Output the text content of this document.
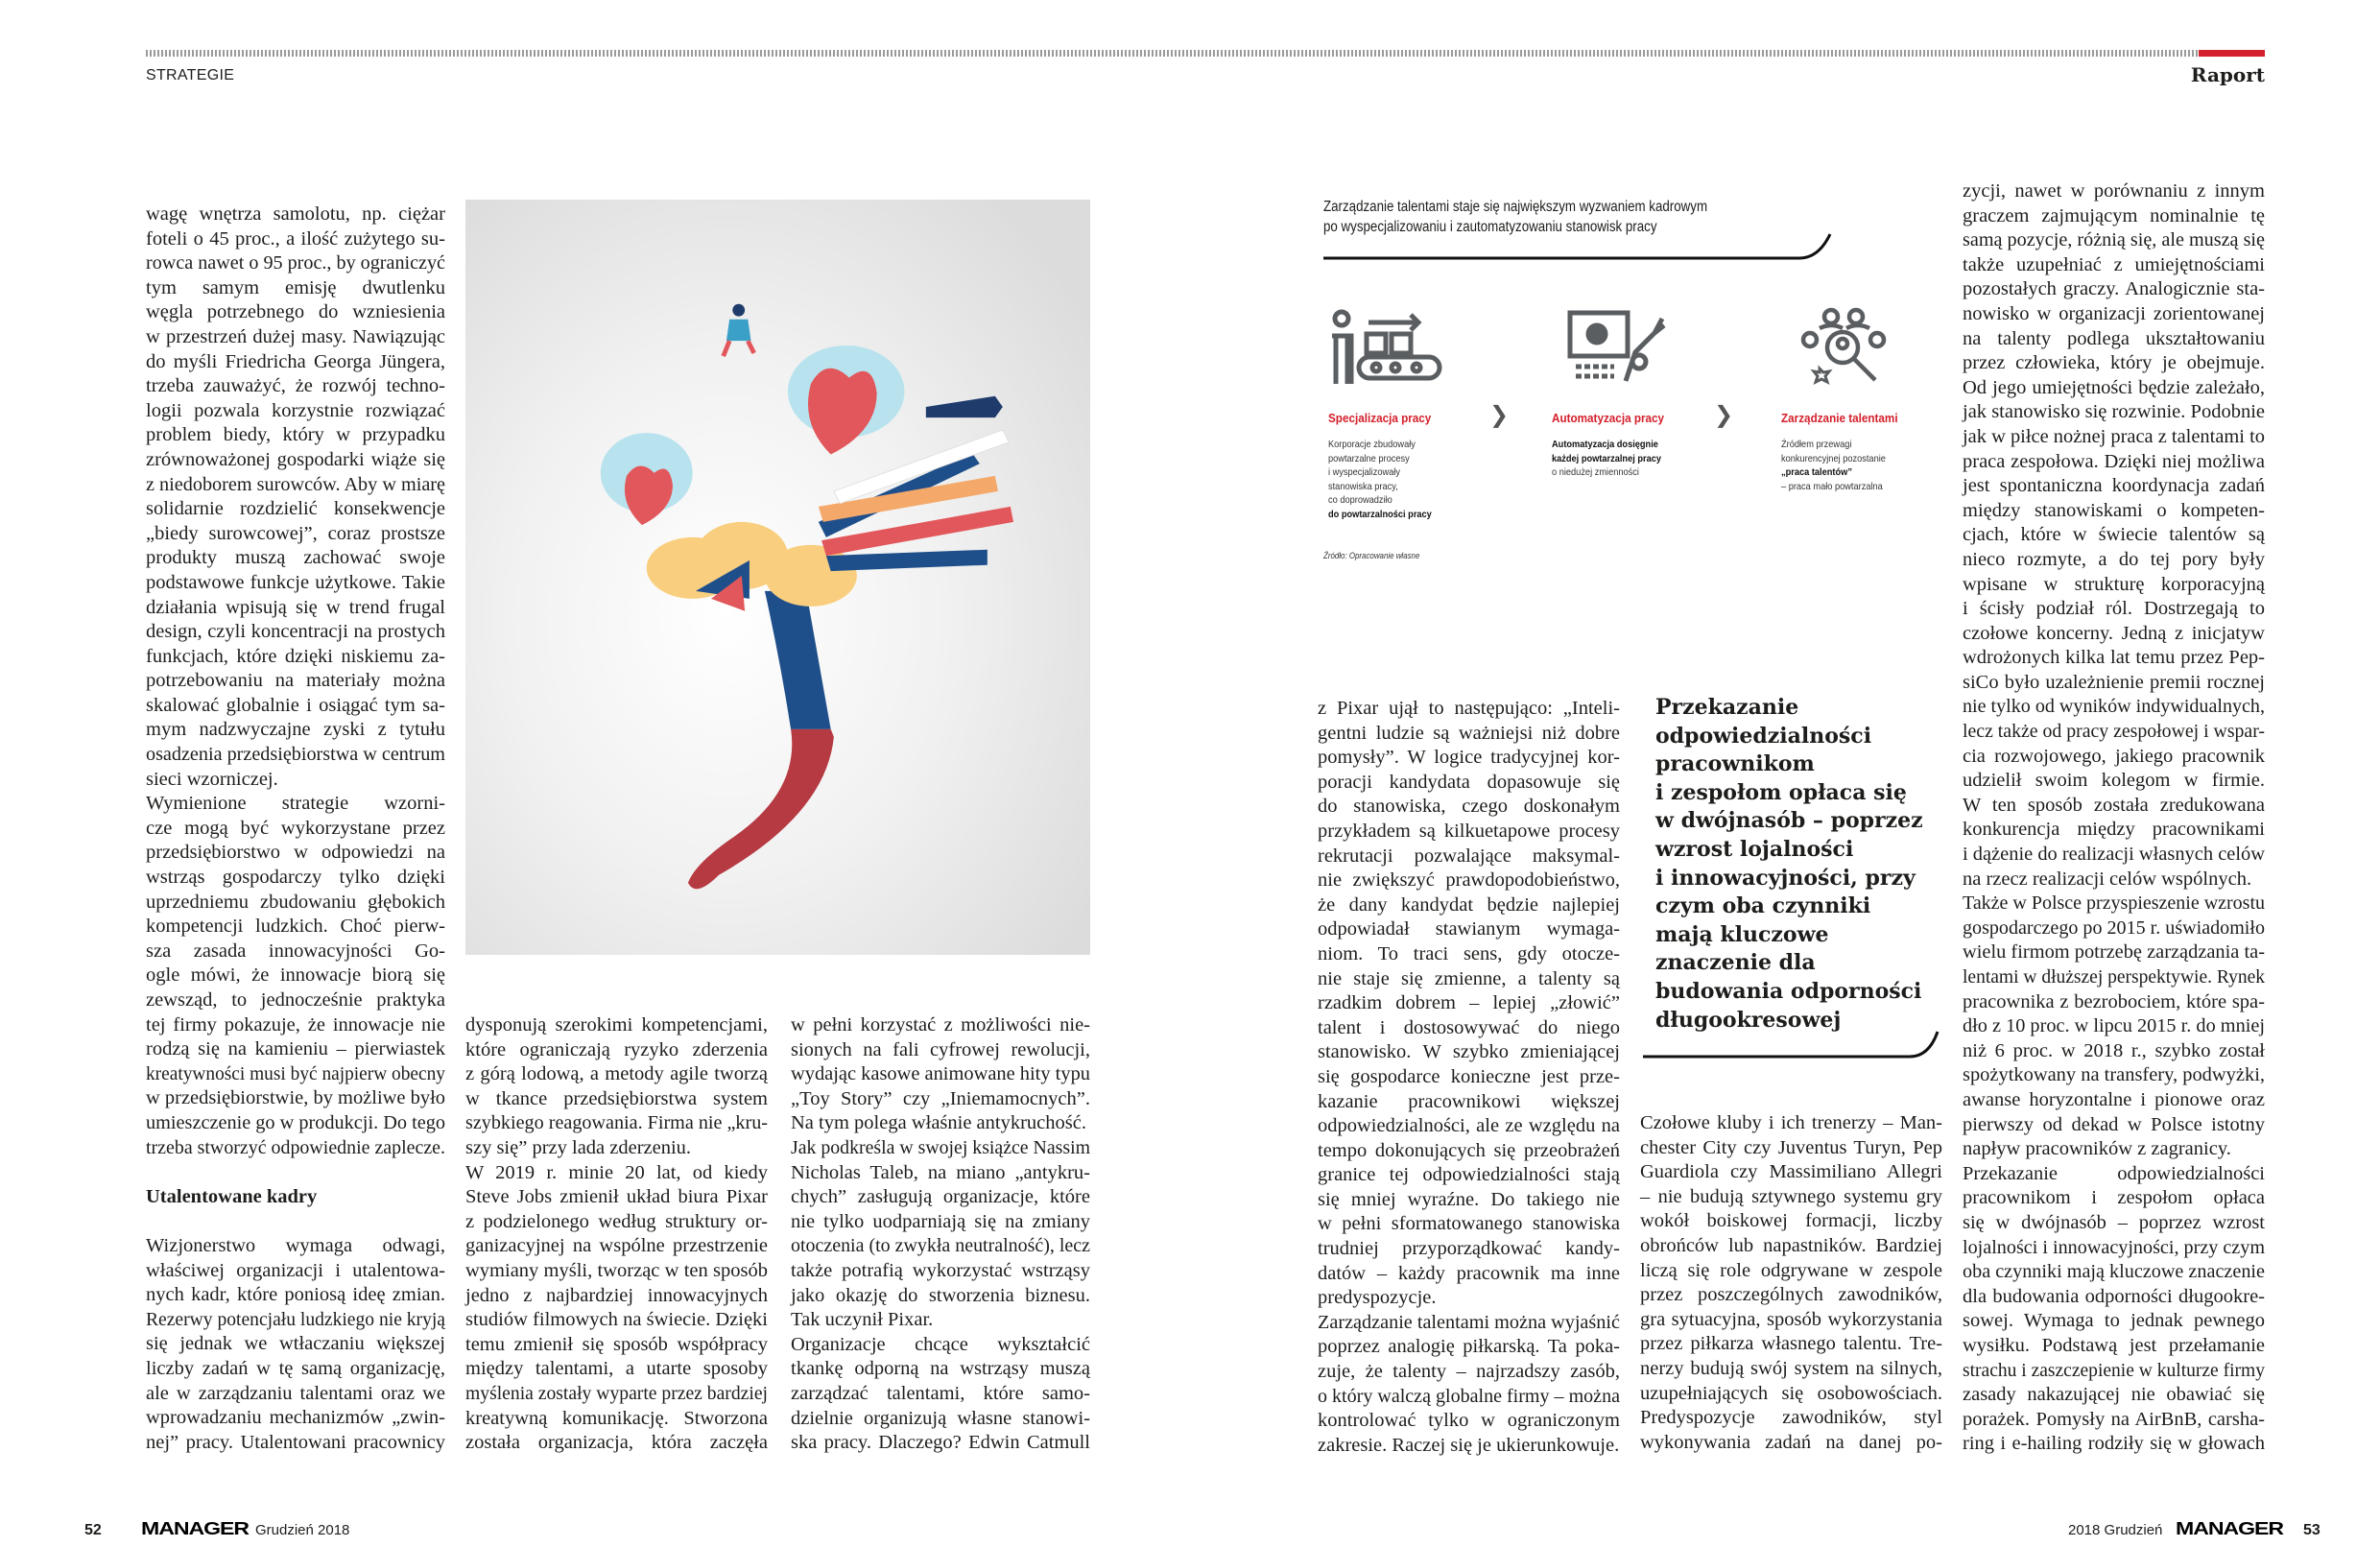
STRATEGIE	Raport
wagę wnętrza samolotu, np. ciężar
foteli o 45 proc., a ilość zużytego su-
rowca nawet o 95 proc., by ograniczyć
tym samym emisję dwutlenku
węgla potrzebnego do wzniesienia
w przestrzeń dużej masy. Nawiązując
do myśli Friedricha Georga Jüngera,
trzeba zauważyć, że rozwój techno-
logii pozwala korzystnie rozwiązać
problem biedy, który w przypadku
zrównoważonej gospodarki wiąże się
z niedoborem surowców. Aby w miarę
solidarnie rozdzielić konsekwencje
„biedy surowcowej”, coraz prostsze
produkty muszą zachować swoje
podstawowe funkcje użytkowe. Takie
działania wpisują się w trend frugal
design, czyli koncentracji na prostych
funkcjach, które dzięki niskiemu za-
potrzebowaniu na materiały można
skalować globalnie i osiągać tym sa-
mym nadzwyczajne zyski z tytułu
osadzenia przedsiębiorstwa w centrum
sieci wzorniczej.
Wymienione strategie wzorni-
cze mogą być wykorzystane przez
przedsiębiorstwo w odpowiedzi na
wstrząs gospodarczy tylko dzięki
uprzedniemu zbudowaniu głębokich
kompetencji ludzkich. Choć pierw-
sza zasada innowacyjności Go-
ogle mówi, że innowacje biorą się
zewsząd, to jednocześnie praktyka
tej firmy pokazuje, że innowacje nie
rodzą się na kamieniu – pierwiastek
kreatywności musi być najpierw obecny
w przedsiębiorstwie, by możliwe było
umieszczenie go w produkcji. Do tego
trzeba stworzyć odpowiednie zaplecze.
Utalentowane kadry
Wizjonerstwo wymaga odwagi,
właściwej organizacji i utalentowa-
nych kadr, które poniosą ideę zmian.
Rezerwy potencjału ludzkiego nie kryją
się jednak we wtłaczaniu większej
liczby zadań w tę samą organizację,
ale w zarządzaniu talentami oraz we
wprowadzaniu mechanizmów „zwin-
nej” pracy. Utalentowani pracownicy
dysponują szerokimi kompetencjami,
które ograniczają ryzyko zderzenia
z górą lodową, a metody agile tworzą
w tkance przedsiębiorstwa system
szybkiego reagowania. Firma nie „kru-
szy się” przy lada zderzeniu.
W 2019 r. minie 20 lat, od kiedy
Steve Jobs zmienił układ biura Pixar
z podzielonego według struktury or-
ganizacyjnej na wspólne przestrzenie
wymiany myśli, tworząc w ten sposób
jedno z najbardziej innowacyjnych
studiów filmowych na świecie. Dzięki
temu zmienił się sposób współpracy
między talentami, a utarte sposoby
myślenia zostały wyparte przez bardziej
kreatywną komunikację. Stworzona
została organizacja, która zaczęła
w pełni korzystać z możliwości nie-
sionych na fali cyfrowej rewolucji,
wydając kasowe animowane hity typu
„Toy Story” czy „Iniemamocnych”.
Na tym polega właśnie antykruchość.
Jak podkreśla w swojej książce Nassim
Nicholas Taleb, na miano „antykru-
chych” zasługują organizacje, które
nie tylko uodparniają się na zmiany
otoczenia (to zwykła neutralność), lecz
także potrafią wykorzystać wstrząsy
jako okazję do stworzenia biznesu.
Tak uczynił Pixar.
Organizacje chcące wykształcić
tkankę odporną na wstrząsy muszą
zarządzać talentami, które samo-
dzielnie organizują własne stanowi-
ska pracy. Dlaczego? Edwin Catmull
z Pixar ujął to następująco: „Inteli-
gentni ludzie są ważniejsi niż dobre
pomysły”. W logice tradycyjnej kor-
poracji kandydata dopasowuje się
do stanowiska, czego doskonałym
przykładem są kilkuetapowe procesy
rekrutacji pozwalające maksymal-
nie zwiększyć prawdopodobieństwo,
że dany kandydat będzie najlepiej
odpowiadał stawianym wymaga-
niom. To traci sens, gdy otocze-
nie staje się zmienne, a talenty są
rzadkim dobrem – lepiej „złowić”
talent i dostosowywać do niego
stanowisko. W szybko zmieniającej
się gospodarce konieczne jest prze-
kazanie pracownikowi większej
odpowiedzialności, ale ze względu na
tempo dokonujących się przeobrażeń
granice tej odpowiedzialności stają
się mniej wyraźne. Do takiego nie
w pełni sformatowanego stanowiska
trudniej przyporządkować kandy-
datów – każdy pracownik ma inne
predyspozycje.
Zarządzanie talentami można wyjaśnić
poprzez analogię piłkarską. Ta poka-
zuje, że talenty – najrzadszy zasób,
o który walczą globalne firmy – można
kontrolować tylko w ograniczonym
zakresie. Raczej się je ukierunkowuje.
Czołowe kluby i ich trenerzy – Man-
chester City czy Juventus Turyn, Pep
Guardiola czy Massimiliano Allegri
– nie budują sztywnego systemu gry
wokół boiskowej formacji, liczby
obrońców lub napastników. Bardziej
liczą się role odgrywane w zespole
przez poszczególnych zawodników,
gra sytuacyjna, sposób wykorzystania
przez piłkarza własnego talentu. Tre-
nerzy budują swój system na silnych,
uzupełniających się osobowościach.
Predyspozycje zawodników, styl
wykonywania zadań na danej po-
zycji, nawet w porównaniu z innym
graczem zajmującym nominalnie tę
samą pozycje, różnią się, ale muszą się
także uzupełniać z umiejętnościami
pozostałych graczy. Analogicznie sta-
nowisko w organizacji zorientowanej
na talenty podlega ukształtowaniu
przez człowieka, który je obejmuje.
Od jego umiejętności będzie zależało,
jak stanowisko się rozwinie. Podobnie
jak w piłce nożnej praca z talentami to
praca zespołowa. Dzięki niej możliwa
jest spontaniczna koordynacja zadań
między stanowiskami o kompeten-
cjach, które w świecie talentów są
nieco rozmyte, a do tej pory były
wpisane w strukturę korporacyjną
i ścisły podział ról. Dostrzegają to
czołowe koncerny. Jedną z inicjatyw
wdrożonych kilka lat temu przez Pep-
siCo było uzależnienie premii rocznej
nie tylko od wyników indywidualnych,
lecz także od pracy zespołowej i wspar-
cia rozwojowego, jakiego pracownik
udzielił swoim kolegom w firmie.
W ten sposób została zredukowana
konkurencja między pracownikami
i dążenie do realizacji własnych celów
na rzecz realizacji celów wspólnych.
Także w Polsce przyspieszenie wzrostu
gospodarczego po 2015 r. uświadomiło
wielu firmom potrzebę zarządzania ta-
lentami w dłuższej perspektywie. Rynek
pracownika z bezrobociem, które spa-
dło z 10 proc. w lipcu 2015 r. do mniej
niż 6 proc. w 2018 r., szybko został
spożytkowany na transfery, podwyżki,
awanse horyzontalne i pionowe oraz
pierwszy od dekad w Polsce istotny
napływ pracowników z zagranicy.
Przekazanie odpowiedzialności
pracownikom i zespołom opłaca
się w dwójnasób – poprzez wzrost
lojalności i innowacyjności, przy czym
oba czynniki mają kluczowe znaczenie
dla budowania odporności długookre-
sowej. Wymaga to jednak pewnego
wysiłku. Podstawą jest przełamanie
strachu i zaszczepienie w kulturze firmy
zasady nakazującej nie obawiać się
porażek. Pomysły na AirBnB, carsha-
ring i e-hailing rodziły się w głowach
Przekazanie
odpowiedzialności
pracownikom
i zespołom opłaca się
w dwójnasób – poprzez
wzrost lojalności
i innowacyjności, przy
czym oba czynniki
mają kluczowe
znaczenie dla
budowania odporności
długookresowej
Zarządzanie talentami staje się największym wyzwaniem kadrowym
po wyspecjalizowaniu i zautomatyzowaniu stanowisk pracy
Specjalizacja pracy	Automatyzacja pracy	Zarządzanie talentami
❯	❯
Korporacje zbudowały
powtarzalne procesy
i wyspecjalizowały
stanowiska pracy,
co doprowadziło
do powtarzalności pracy
Automatyzacja dosięgnie
każdej powtarzalnej pracy
o niedużej zmienności
Źródłem przewagi
konkurencyjnej pozostanie
„praca talentów”
– praca mało powtarzalna
Źródło: Opracowanie własne
52 MANAGER Grudzień 2018	2018 Grudzień MANAGER 53
